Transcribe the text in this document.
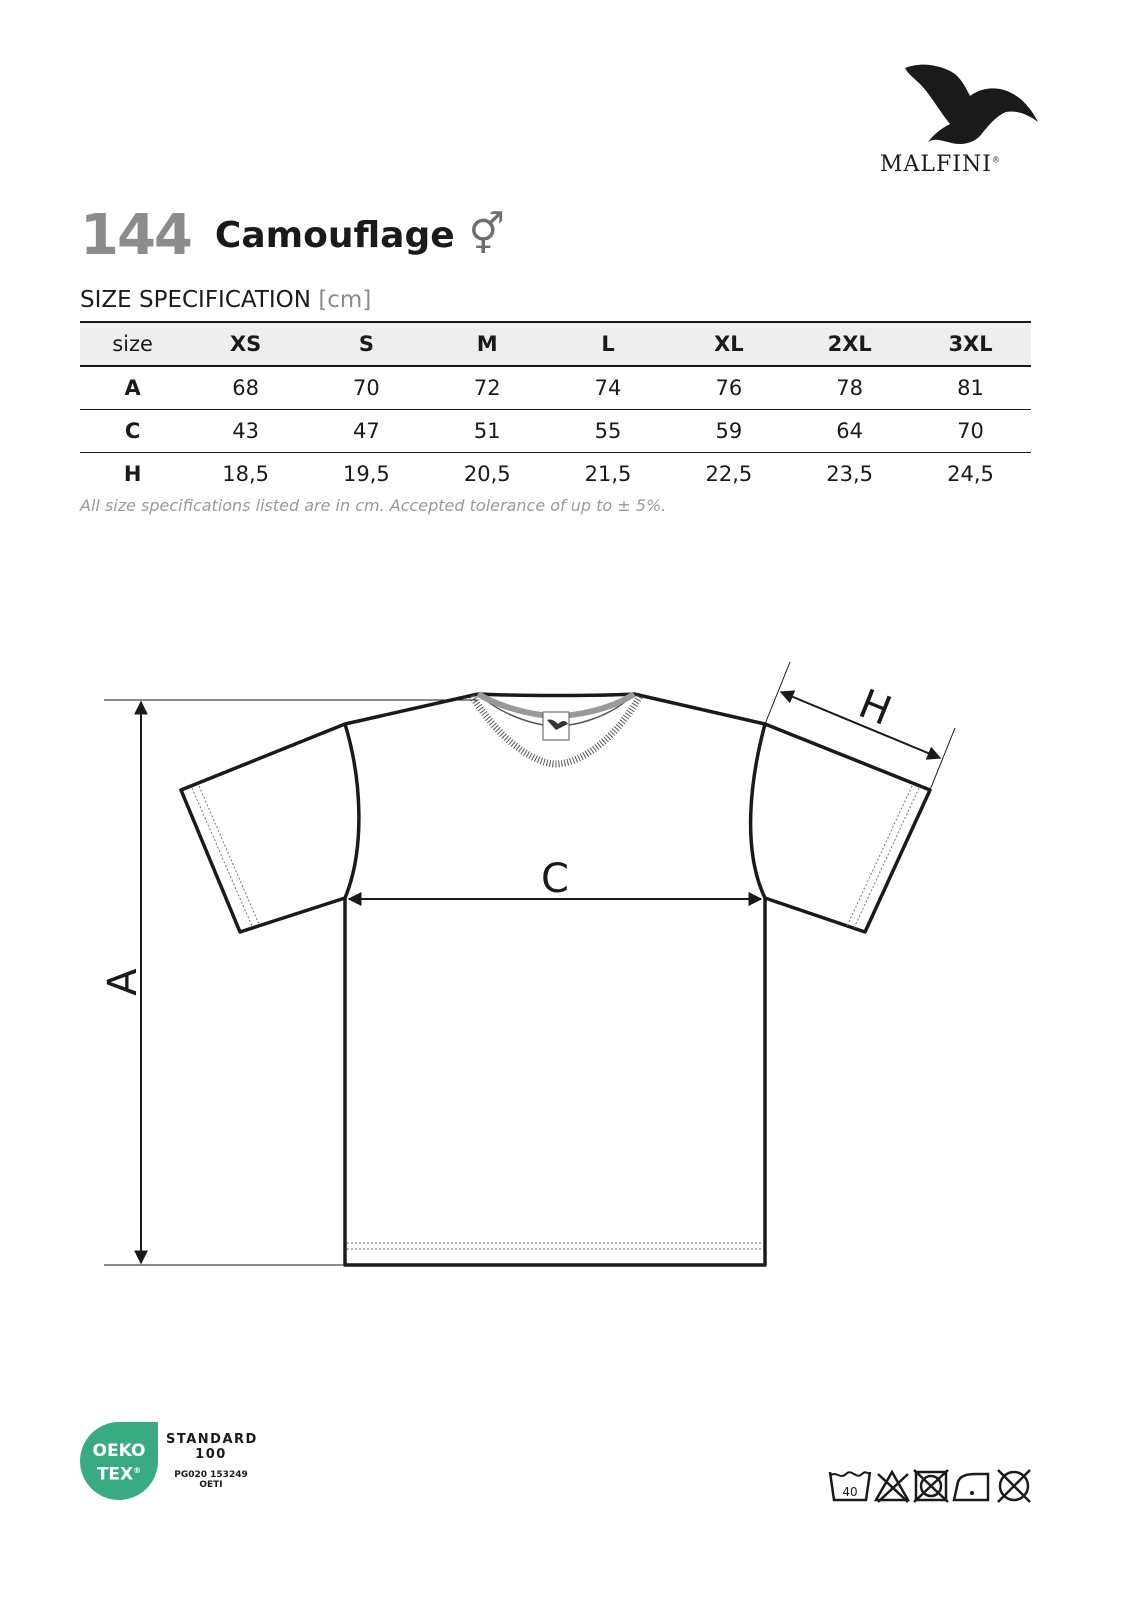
MALFINI®
144 Camouflage ⚥
SIZE SPECIFICATION [cm]
size	XS	S	M	L	XL	2XL	3XL
A	68	70	72	74	76	78	81
C	43	47	51	55	59	64	70
H	18,5	19,5	20,5	21,5	22,5	23,5	24,5
All size specifications listed are in cm. Accepted tolerance of up to ± 5%.
A
C
H
OEKO
TEX®
STANDARD
100
PG020 153249
OETI	40
